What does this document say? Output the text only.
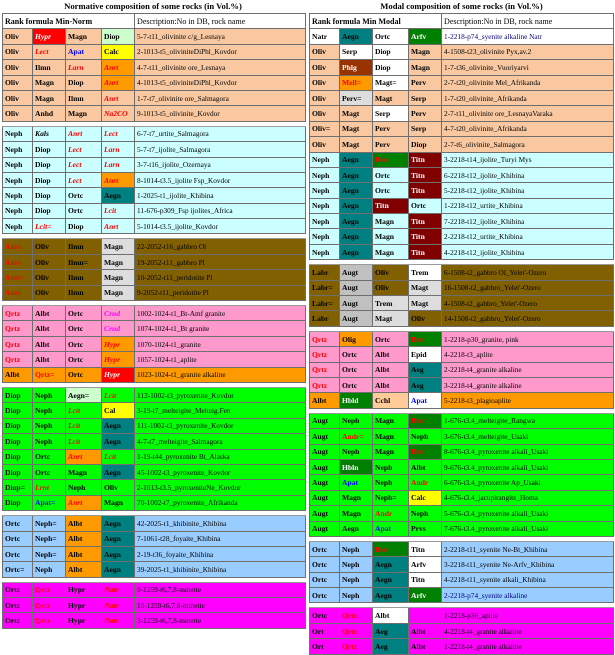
Normative composition of some rocks (in Vol.%)	Modal composition of some rocks (in Vol.%)
Rank formula Min-Norm				Description:No in DB, rock name
Oliv	Hypr	Magn	Diop	5-7-t11_olivinite c/g_Lesnaya
Oliv	Lect	Apat	Calc	2-1013-t5_olivinitеDiPhl_Kovdor
Oliv	Ilmn	Larn	Anrt	4-7-t11_olivinite ore_Lesnaya
Oliv	Magn	Diop	Anrt	4-1013-t5_olivinitеDiPhl_Kovdor
Oliv	Magn	Ilmn	Anrt	1-7-t7_olivinite ore_Salmagora
Oliv	Anhd	Magn	Na2CO	9-1013-t5_olivinite_Kovdor

Neph	Kals	Anrt	Lect	6-7-t7_urtite_Salmagora
Neph	Diop	Lect	Larn	5-7-t7_ijolite_Salmagora
Neph	Diop	Lect	Larn	3-7-t16_ijolite_Ozernaya
Neph	Diop	Lect	Anrt	8-1014-t3.5_ijolite Fsp_Kovdor
Neph	Diop	Ortc	Aegn	1-2025-t1_ijolite_Khibina
Neph	Diop	Ortc	Lcit	11-676-p309_Fsp ijolites_Africa
Neph	Lcit=	Diop	Anrt	5-1014-t3.5_ijolite_Kovdor

Anrt	Oliv	Ilmn	Magn	22-2052-t16_gabbro Ol
Anrt	Oliv	Ilmn=	Magn	19-2052-t11_gabbro Pl
Anrt=	Oliv	Ilmn	Magn	10-2052-t11_peridotite Pl
Anrt	Oliv	Ilmn	Magn	9-2052-t11_peridotite Pl

Qrtz	Albt	Ortc	Crnd	1002-1024-t1_Bt-Amf granite
Qrtz	Albt	Ortc	Crnd	1074-1024-t1_Bt granite
Qrtz	Albt	Ortc	Hypr	1070-1024-t1_granite
Qrtz	Albt	Ortc	Hypr	1057-1024-t1_aplite
Albt	Qrtz=	Ortc	Hypr	1023-1024-t1_granite alkaline

Diop	Neph	Aegn=	Lcit	112-1002-t3_pyroxenite_Kovdor
Diop	Neph	Lcit	Cal	3-19-t7_melteigite_Melteig.Fen
Diop	Neph	Lcit	Aegn	111-1002-t3_pyroxenite_Kovdor
Diop	Neph	Lcit	Aegn	4-7-t7_melteigite_Salmagora
Diop	Ortc	Anrt	Lcit	1-19-t44_pyroxenite Bt_Alaska
Diop	Ortc	Magn	Aegn	45-1002-t3_pyroxenite_Kovdor
Diop=	Lrnt	Neph	Oliv	2-1013-t3.5_pyroxeniteNe_Kovdor
Diop	Apat=	Anrt	Magn	70-1002-t7_pyroxenite_Afrikanda

Ortc	Neph=	Albt	Aegn	42-2025-t1_khibinite_Khibina
Ortc	Neph=	Albt	Aegn	7-1061-t28_foyaite_Khibina
Ortc	Neph=	Albt	Aegn	2-19-t36_foyaite_Khibina
Ortc=	Neph	Albt	Aegn	39-2025-t1_khibinite_Khibina

Ortc	Qrtz	Hypr	Natr	9-1259-t6,7,8-minette
Ortc	Qrtz	Hypr	Natr	10-1259-t6,7,8-minette
Ortc	Qrtz	Hypr	Natr	3-1259-t6,7,8-minette
Rank formula Min Modal				Description:No in DB, rock name
Natr	Aegn	Ortc	Arfv	1-2218-p74_syenite alkaline Natr
Oliv	Serp	Diop	Magn	4-1508-t23_olivinite Pyx,av.2
Oliv	Phlg	Diop	Magn	1-7-t36_olivinite_Vuoriyarvi
Oliv	Mell=	Magt=	Perv	2-7-t20_olivinite Mel_Afrikanda
Oliv	Perv=	Magt	Serp	1-7-t20_olivinite_Afrikanda
Oliv	Magt	Serp	Perv	2-7-t11_olivinite ore_LesnayaVaraka
Oliv=	Magt	Perv	Serp	4-7-t20_olivinite_Afrikanda
Oliv	Magt	Perv	Diop	2-7-t6_olivinite_Salmagora
Neph	Aegn	Biot	Titn	3-2218-t14_ijolite_Turyi Mys
Neph	Aegn	Ortc	Titn	6-2218-t12_ijolite_Khibina
Neph	Aegn	Ortc	Titn	5-2218-t12_ijolite_Khibina
Neph	Aegn	Titn	Ortc	1-2218-t12_urtite_Khibina
Neph	Aegn	Magn	Titn	7-2218-t12_ijolite_Khibina
Neph	Aegn	Magn	Titn	2-2218-t12_urtite_Khibina
Neph	Aegn	Magn	Titn	4-2218-t12_ijolite_Khibina

Labr	Augt	Oliv	Trem	6-1508-t2_gabbro Ol_Yelet'-Ozero
Labr=	Augt	Oliv	Magt	16-1508-t2_gabbro_Yelet'-Ozero
Labr=	Augt	Trem	Magt	4-1508-t2_gabbro_Yelet'-Ozero
Labr	Augt	Magt	Oliv	14-1508-t2_gabbro_Yelet'-Ozero

Qrtz	Olig	Ortc	Biot	1-2218-p30_granite, pink
Qrtz	Ortc	Albt	Epid	4-2218-t3_aplite
Qrtz	Ortc	Albt	Aeg	2-2218-t4_granite alkaline
Qrtz	Ortc	Albt	Aeg	3-2218-t4_granite alkaline
Albt	Hbld	Cchl	Apat	5-2218-t3_plagioaplite

Augt	Neph	Magn	Biot	1-676-t3.4_melteigite_Rangwa
Augt	Andr=	Magn	Neph	3-676-t3.4_melteigite_Usaki
Augt	Neph	Magn	Biot	8-676-t3.4_pyroxenite alkali_Usaki
Augt	Hbln	Neph	Albt	9-676-t3.4_pyroxenite alkali_Usaki
Augt	Apat	Neph	Andr	6-676-t3.4_pyroxenite Ap_Usaki
Augt	Magn	Neph=	Calc	4-676-t3.4_jacupirangite_Homa
Augt	Magn	Andr	Neph	5-676-t3.4_pyroxenite alkali_Usaki
Augt	Aegn	Apat	Prvs	7-676-t3.4_pyroxenite alkali_Usaki

Ortc	Neph	Biot	Titn	2-2218-t11_syenite Ne-Bt_Khibina
Ortc	Neph	Aegn	Arfv	3-2218-t11_syenite Ne-Arfv_Khibina
Ortc	Neph	Aegn	Titn	4-2218-t11_syenite alkali_Khibina
Ortc	Neph	Aegn	Arfv	2-2218-p74_syenite alkaline

Ortc	Qrtz	Albt		1-2218-p36_aplite
Ort	Qrtz	Aeg	Albt	4-2218-t4_granite alkaline
Ort	Qrtz	Aeg	Albt	1-2218-t4_granite alkaline
